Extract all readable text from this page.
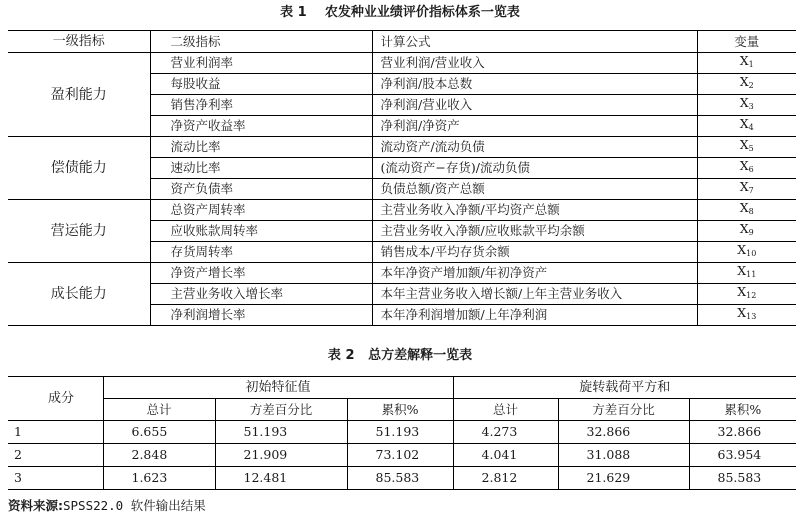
表 1    农发种业业绩评价指标体系一览表
一级指标	二级指标	计算公式	变量
盈利能力	营业利润率	营业利润/营业收入	$X_1$
	每股收益	净利润/股本总数	$X_2$
	销售净利率	净利润/营业收入	$X_3$
	净资产收益率	净利润/净资产	$X_4$
偿债能力	流动比率	流动资产/流动负债	$X_5$
	速动比率	(流动资产−存货)/流动负债	$X_6$
	资产负债率	负债总额/资产总额	$X_7$
营运能力	总资产周转率	主营业务收入净额/平均资产总额	$X_8$
	应收账款周转率	主营业务收入净额/应收账款平均余额	$X_9$
	存货周转率	销售成本/平均存货余额	$X_{10}$
成长能力	净资产增长率	本年净资产增加额/年初净资产	$X_{11}$
	主营业务收入增长率	本年主营业务收入增长额/上年主营业务收入	$X_{12}$
	净利润增长率	本年净利润增加额/上年净利润	$X_{13}$
表 2   总方差解释一览表
成分	初始特征值			旋转载荷平方和		
	总计	方差百分比	累积%	总计	方差百分比	累积%
1	6.655	51.193	51.193	4.273	32.866	32.866
2	2.848	21.909	73.102	4.041	31.088	63.954
3	1.623	12.481	85.583	2.812	21.629	85.583
资料来源:SPSS22.0 软件输出结果
